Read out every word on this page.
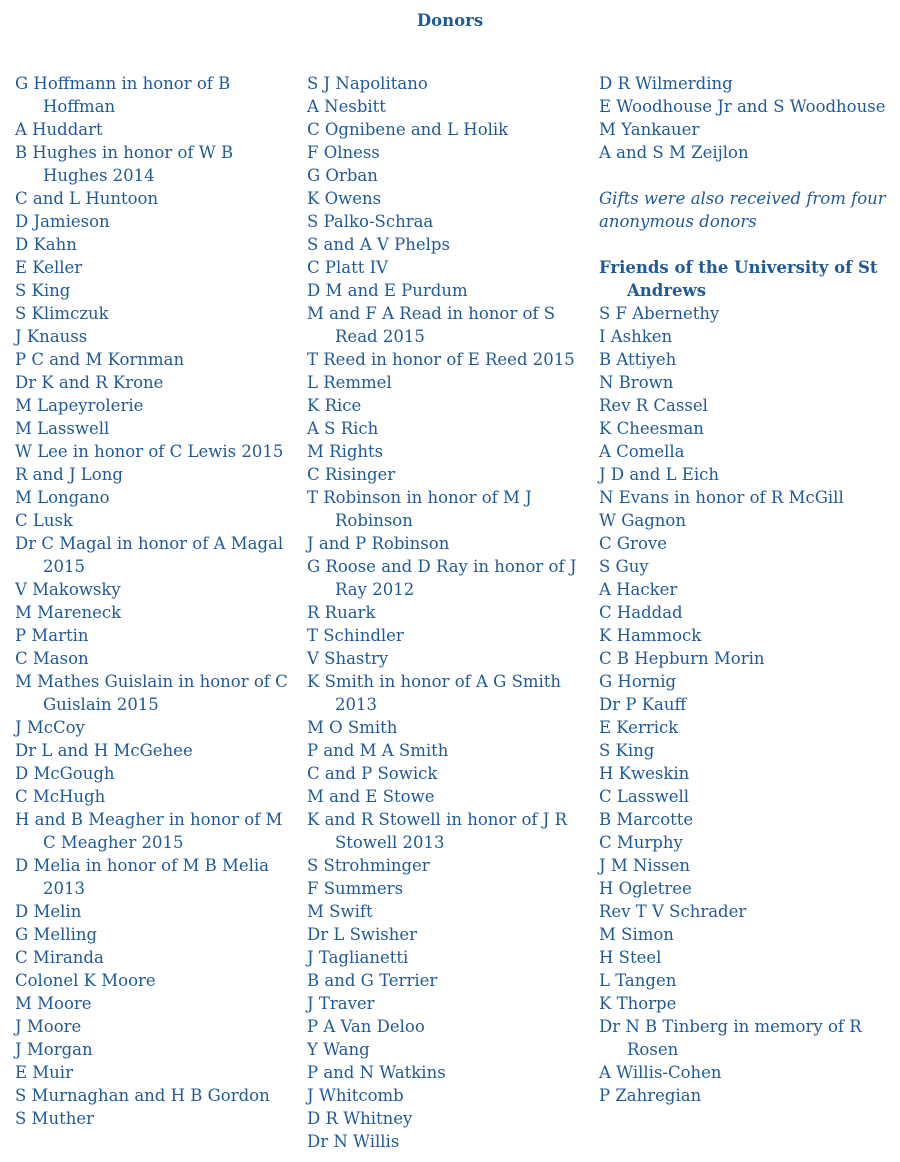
Donors
G Hoffmann in honor of B Hoffman
A Huddart
B Hughes in honor of W B Hughes 2014
C and L Huntoon
D Jamieson
D Kahn
E Keller
S King
S Klimczuk
J Knauss
P C and M Kornman
Dr K and R Krone
M Lapeyrolerie
M Lasswell
W Lee in honor of C Lewis 2015
R and J Long
M Longano
C Lusk
Dr C Magal in honor of A Magal 2015
V Makowsky
M Mareneck
P Martin
C Mason
M Mathes Guislain in honor of C Guislain 2015
J McCoy
Dr L and H McGehee
D McGough
C McHugh
H and B Meagher in honor of M C Meagher 2015
D Melia in honor of M B Melia 2013
D Melin
G Melling
C Miranda
Colonel K Moore
M Moore
J Moore
J Morgan
E Muir
S Murnaghan and H B Gordon
S Muther
S J Napolitano
A Nesbitt
C Ognibene and L Holik
F Olness
G Orban
K Owens
S Palko-Schraa
S and A V Phelps
C Platt IV
D M and E Purdum
M and F A Read in honor of S Read 2015
T Reed in honor of E Reed 2015
L Remmel
K Rice
A S Rich
M Rights
C Risinger
T Robinson in honor of M J Robinson
J and P Robinson
G Roose and D Ray in honor of J Ray 2012
R Ruark
T Schindler
V Shastry
K Smith in honor of A G Smith 2013
M O Smith
P and M A Smith
C and P Sowick
M and E Stowe
K and R Stowell in honor of J R Stowell 2013
S Strohminger
F Summers
M Swift
Dr L Swisher
J Taglianetti
B and G Terrier
J Traver
P A Van Deloo
Y Wang
P and N Watkins
J Whitcomb
D R Whitney
Dr N Willis
D R Wilmerding
E Woodhouse Jr and S Woodhouse
M Yankauer
A and S M Zeijlon
Gifts were also received from four anonymous donors
Friends of the University of St Andrews
S F Abernethy
I Ashken
B Attiyeh
N Brown
Rev R Cassel
K Cheesman
A Comella
J D and L Eich
N Evans in honor of R McGill
W Gagnon
C Grove
S Guy
A Hacker
C Haddad
K Hammock
C B Hepburn Morin
G Hornig
Dr P Kauff
E Kerrick
S King
H Kweskin
C Lasswell
B Marcotte
C Murphy
J M Nissen
H Ogletree
Rev T V Schrader
M Simon
H Steel
L Tangen
K Thorpe
Dr N B Tinberg in memory of R Rosen
A Willis-Cohen
P Zahregian
